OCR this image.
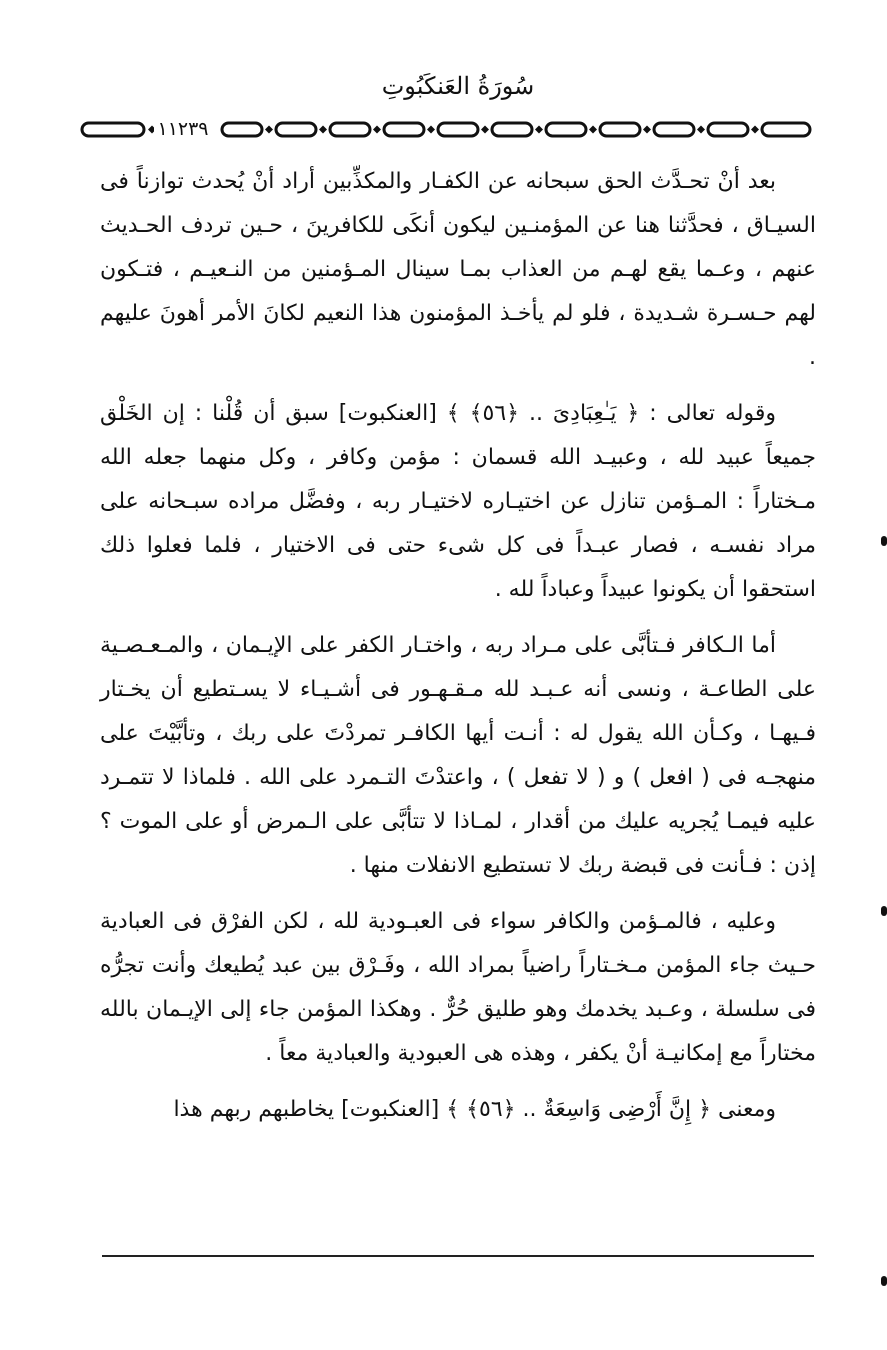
سُورَةُ العَنكَبُوتِ
١١٢٣٩

بعد أنْ تحـدَّث الحق سبحانه عن الكفـار والمكذِّبين أراد أنْ يُحدث توازناً فى السيـاق ، فحدَّثنا هنا عن المؤمنـين ليكون أنكَى للكافرينَ ، حـين تردف الحـديث عنهم ، وعـما يقع لهـم من العذاب بمـا سينال المـؤمنين من النـعيـم ، فتـكون لهم حـسـرة شـديدة ، فلو لم يأخـذ المؤمنون هذا النعيم لكانَ الأمر أهونَ عليهم .

وقوله تعالى : ﴿ يَـٰعِبَادِىَ .. ﴿٥٦﴾ ﴾ [العنكبوت] سبق أن قُلْنا : إن الخَلْق جميعاً عبيد لله ، وعبيـد الله قسمان : مؤمن وكافر ، وكل منهما جعله الله مـختاراً : المـؤمن تنازل عن اختيـاره لاختيـار ربه ، وفضَّل مراده سبـحانه على مراد نفسـه ، فصار عبـداً فى كل شىء حتى فى الاختيار ، فلما فعلوا ذلك استحقوا أن يكونوا عبيداً وعباداً لله .

أما الـكافر فـتأبَّى على مـراد ربه ، واختـار الكفر على الإيـمان ، والمـعـصـية على الطاعـة ، ونسى أنه عـبـد لله مـقـهـور فى أشـيـاء لا يسـتطيع أن يخـتار فـيهـا ، وكـأن الله يقول له : أنـت أيها الكافـر تمردْتَ على ربك ، وتأبَّيْتَ على منهجـه فى ( افعل ) و ( لا تفعل ) ، واعتدْتَ التـمرد على الله . فلماذا لا تتمـرد عليه فيمـا يُجريه عليك من أقدار ، لمـاذا لا تتأبَّى على الـمرض أو على الموت ؟ إذن : فـأنت فى قبضة ربك لا تستطيع الانفلات منها .

وعليه ، فالمـؤمن والكافر سواء فى العبـودية لله ، لكن الفرْق فى العبادية حـيث جاء المؤمن مـخـتاراً راضياً بمراد الله ، وفَـرْق بين عبد يُطيعك وأنت تجرُّه فى سلسلة ، وعـبد يخدمك وهو طليق حُرٌّ . وهكذا المؤمن جاء إلى الإيـمان بالله مختاراً مع إمكانيـة أنْ يكفر ، وهذه هى العبودية والعبادية معاً .

ومعنى ﴿ إِنَّ أَرْضِى وَاسِعَةٌ .. ﴿٥٦﴾ ﴾ [العنكبوت] يخاطبهم ربهم هذا
